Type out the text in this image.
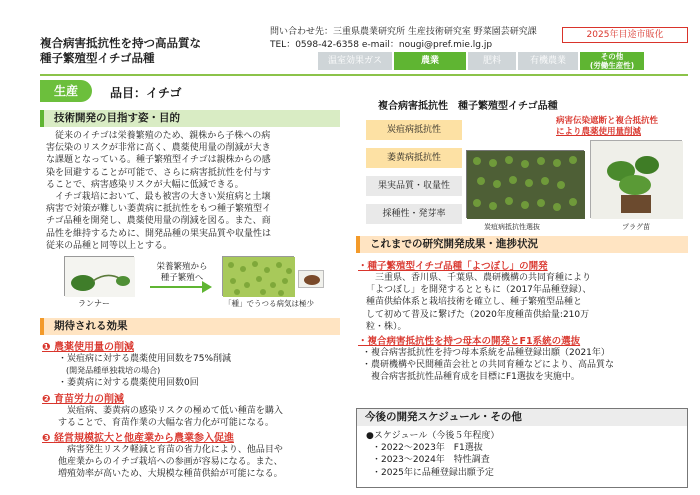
複合病害抵抗性を持つ高品質な
種子繁殖型イチゴ品種
問い合わせ先：三重県農業研究所 生産技術研究室 野菜園芸研究課
TEL：0598-42-6358 e-mail：nougi@pref.mie.lg.jp
2025年目途市販化
温室効果ガス	農業	肥料	有機農業	その他
(労働生産性)
生産	品目：イチゴ
技術開発の目指す姿・目的
　従来のイチゴは栄養繁殖のため、親株から子株への病
害伝染のリスクが非常に高く、農薬使用量の削減が大き
な課題となっている。種子繁殖型イチゴは親株からの感
染を回避することが可能で、さらに病害抵抗性を付与す
ることで、病害感染リスクが大幅に低減できる。
　イチゴ栽培において、最も被害の大きい炭疽病と土壌
病害で対策が難しい萎黄病に抵抗性をもつ種子繁殖型イ
チゴ品種を開発し、農薬使用量の削減を図る。また、商
品性を維持するために、開発品種の果実品質や収量性は
従来の品種と同等以上とする。
ランナー
栄養繁殖から
種子繁殖へ
「種」でうつる病気は極少
期待される効果
❶ 農薬使用量の削減
・炭疽病に対する農薬使用回数を75%削減
　(開発品種単独栽培の場合)
・萎黄病に対する農薬使用回数0回
❷ 育苗労力の削減
　炭疽病、萎黄病の感染リスクの極めて低い種苗を購入
することで、育苗作業の大幅な省力化が可能になる。
❸ 経営規模拡大と他産業から農業参入促進
　病害発生リスク軽減と育苗の省力化により、他品目や
他産業からのイチゴ栽培への参画が容易になる。また、
増殖効率が高いため、大規模な種苗供給が可能になる。
複合病害抵抗性　種子繁殖型イチゴ品種
炭疽病抵抗性
萎黄病抵抗性
果実品質・収量性
採種性・発芽率
病害伝染遮断と複合抵抗性
により農薬使用量削減
炭疽病抵抗性選抜	プラグ苗
これまでの研究開発成果・進捗状況
・種子繁殖型イチゴ品種「よつぼし」の開発
　三重県、香川県、千葉県、農研機構の共同育種により
「よつぼし」を開発するとともに（2017年品種登録）、
種苗供給体系と栽培技術を確立し、種子繁殖型品種と
して初めて普及に繋げた（2020年度種苗供給量:210万
粒・株）。
・複合病害抵抗性を持つ母本の開発とF1系統の選抜
・複合病害抵抗性を持つ母本系統を品種登録出願（2021年）
・農研機構や民間種苗会社との共同育種などにより、高品質な
　複合病害抵抗性品種育成を目標にF1選抜を実施中。
今後の開発スケジュール・その他
●スケジュール（今後５年程度）
・2022〜2023年　F1選抜
・2023〜2024年　特性調査
・2025年に品種登録出願予定
